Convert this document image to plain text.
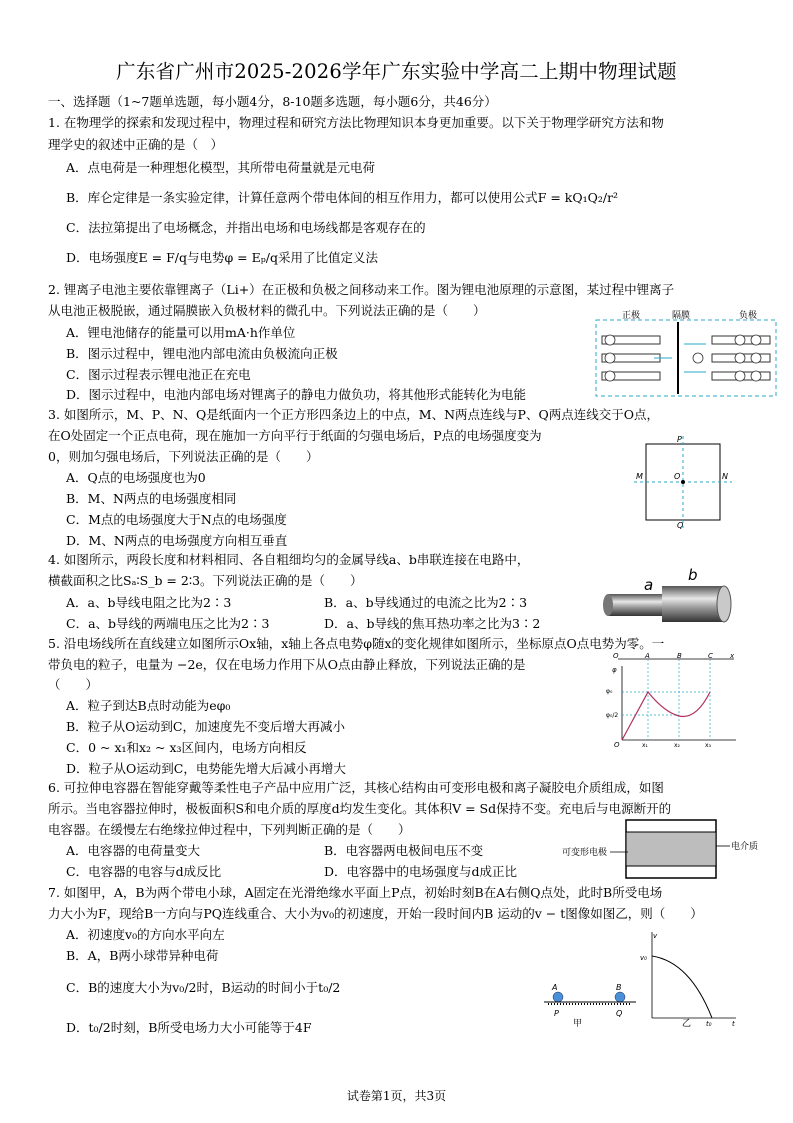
广东省广州市2025-2026学年广东实验中学高二上期中物理试题
一、选择题（1~7题单选题，每小题4分，8-10题多选题，每小题6分，共46分）
1. 在物理学的探索和发现过程中，物理过程和研究方法比物理知识本身更加重要。以下关于物理学研究方法和物
理学史的叙述中正确的是（　）
A．点电荷是一种理想化模型，其所带电荷量就是元电荷
B．库仑定律是一条实验定律，计算任意两个带电体间的相互作用力，都可以使用公式F = kQ₁Q₂/r²
C．法拉第提出了电场概念，并指出电场和电场线都是客观存在的
D．电场强度E = F/q与电势φ = Eₚ/q采用了比值定义法
2. 锂离子电池主要依靠锂离子（Li+）在正极和负极之间移动来工作。图为锂电池原理的示意图，某过程中锂离子
从电池正极脱嵌，通过隔膜嵌入负极材料的微孔中。下列说法正确的是（　　）
A．锂电池储存的能量可以用mA·h作单位
B．图示过程中，锂电池内部电流由负极流向正极
C．图示过程表示锂电池正在充电
D．图示过程中，电池内部电场对锂离子的静电力做负功，将其他形式能转化为电能
正极	隔膜	负极
3. 如图所示，M、P、N、Q是纸面内一个正方形四条边上的中点，M、N两点连线与P、Q两点连线交于O点，
在O处固定一个正点电荷，现在施加一方向平行于纸面的匀强电场后，P点的电场强度变为
0，则加匀强电场后，下列说法正确的是（　　）
A．Q点的电场强度也为0
B．M、N两点的电场强度相同
C．M点的电场强度大于N点的电场强度
D．M、N两点的电场强度方向相互垂直
P
Q
M	N
O
4. 如图所示，两段长度和材料相同、各自粗细均匀的金属导线a、b串联连接在电路中，
横截面积之比Sₐ∶S_b = 2∶3。下列说法正确的是（　　）
A．a、b导线电阻之比为2∶3	B．a、b导线通过的电流之比为2∶3
C．a、b导线的两端电压之比为2∶3	D．a、b导线的焦耳热功率之比为3∶2
a
b
5. 沿电场线所在直线建立如图所示Ox轴，x轴上各点电势φ随x的变化规律如图所示，坐标原点O点电势为零。一
带负电的粒子，电量为 −2e，仅在电场力作用下从O点由静止释放，下列说法正确的是
（　　）
A．粒子到达B点时动能为eφ₀
B．粒子从O运动到C，加速度先不变后增大再减小
C．0 ~ x₁和x₂ ~ x₃区间内，电场方向相反
D．粒子从O运动到C，电势能先增大后减小再增大
O	A	B	C x
φ
φ₀
φ₀/2
O	x₁	x₂	x₃
6. 可拉伸电容器在智能穿戴等柔性电子产品中应用广泛，其核心结构由可变形电极和离子凝胶电介质组成，如图
所示。当电容器拉伸时，极板面积S和电介质的厚度d均发生变化。其体积V = Sd保持不变。充电后与电源断开的
电容器。在缓慢左右绝缘拉伸过程中，下列判断正确的是（　　）
A．电容器的电荷量变大	B．电容器两电极间电压不变
C．电容器的电容与d成反比	D．电容器中的电场强度与d成正比
可变形电极
电介质
7. 如图甲，A，B为两个带电小球，A固定在光滑绝缘水平面上P点，初始时刻B在A右侧Q点处，此时B所受电场
力大小为F，现给B一方向与PQ连线重合、大小为v₀的初速度，开始一段时间内B 运动的v − t图像如图乙，则（　　）
A．初速度v₀的方向水平向左
B．A，B两小球带异种电荷
C．B的速度大小为v₀/2时，B运动的时间小于t₀/2
D．t₀/2时刻，B所受电场力大小可能等于4F
A	B
P	Q
甲
v
v₀
t
t₀
乙
试卷第1页，共3页
